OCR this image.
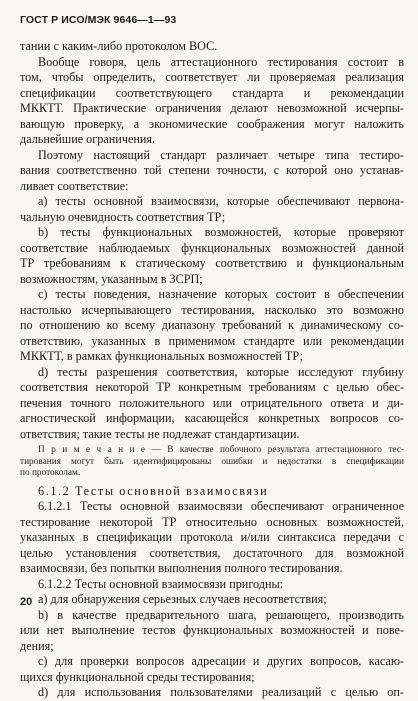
ГОСТ Р ИСО/МЭК 9646—1—93
тании с каким-либо протоколом ВОС.
Вообще говоря, цель аттестационного тестирования состоит в
том, чтобы определить, соответствует ли проверяемая реализация
спецификации соответствующего стандарта и рекомендации
МККТТ. Практические ограничения делают невозможной исчерпы-
вающую проверку, а экономические соображения могут наложить
дальнейшие ограничения.
Поэтому настоящий стандарт различает четыре типа тестиро-
вания соответственно той степени точности, с которой оно устанав-
ливает соответствие:
a) тесты основной взаимосвязи, которые обеспечивают первона-
чальную очевидность соответствия ТР;
b) тесты функциональных возможностей, которые проверяют
соответствие наблюдаемых функциональных возможностей данной
ТР требованиям к статическому соответствию и функциональным
возможностям, указанным в ЗСРП;
c) тесты поведения, назначение которых состоит в обеспечении
настолько исчерпывающего тестирования, насколько это возможно
по отношению ко всему диапазону требований к динамическому со-
ответствию, указанных в применимом стандарте или рекомендации
МККТТ, в рамках функциональных возможностей ТР;
d) тесты разрешения соответствия, которые исследуют глубину
соответствия некоторой ТР конкретным требованиям с целью обес-
печения точного положительного или отрицательного ответа и ди-
агностической информации, касающейся конкретных вопросов со-
ответствия; такие тесты не подлежат стандартизации.
П р и м е ч а н и е — В качестве побочного результата аттестационного тес-
тирования могут быть идентифицированы ошибки и недостатки в спецификации
по протоколам.
6.1.2 Тесты основной взаимосвязи
6.1.2.1 Тесты основной взаимосвязи обеспечивают ограниченное
тестирование некоторой ТР относительно основных возможностей,
указанных в спецификации протокола и/или синтаксиса передачи с
целью установления соответствия, достаточного для возможной
взаимосвязи, без попытки выполнения полного тестирования.
6.1.2.2 Тесты основной взаимосвязи пригодны:
a) для обнаружения серьезных случаев несоответствия;
b) в качестве предварительного шага, решающего, производить
или нет выполнение тестов функциональных возможностей и пове-
дения;
c) для проверки вопросов адресации и других вопросов, касаю-
щихся функциональной среды тестирования;
d) для использования пользователями реализаций с целью оп-
20
